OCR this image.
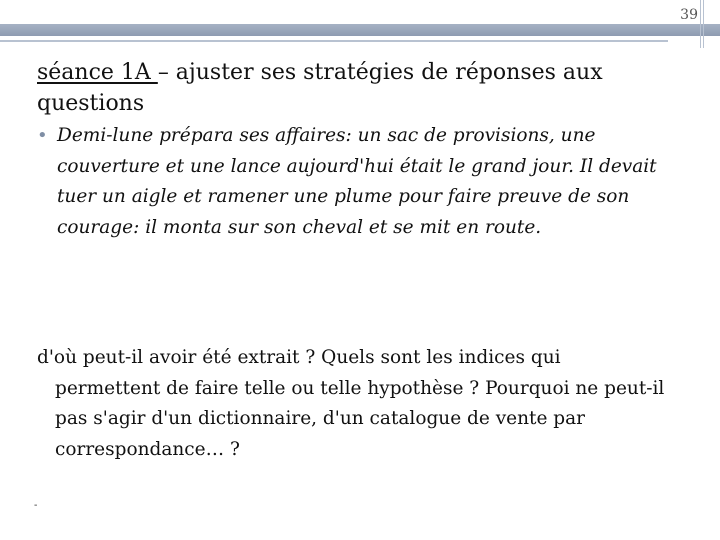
39
séance 1A – ajuster ses stratégies de réponses aux questions
• Demi-lune prépara ses affaires: un sac de provisions, une couverture et une lance aujourd'hui était le grand jour. Il devait tuer un aigle et ramener une plume pour faire preuve de son courage: il monta sur son cheval et se mit en route.
d'où peut-il avoir été extrait ? Quels sont les indices qui permettent de faire telle ou telle hypothèse ? Pourquoi ne peut-il pas s'agir d'un dictionnaire, d'un catalogue de vente par correspondance… ?
-
